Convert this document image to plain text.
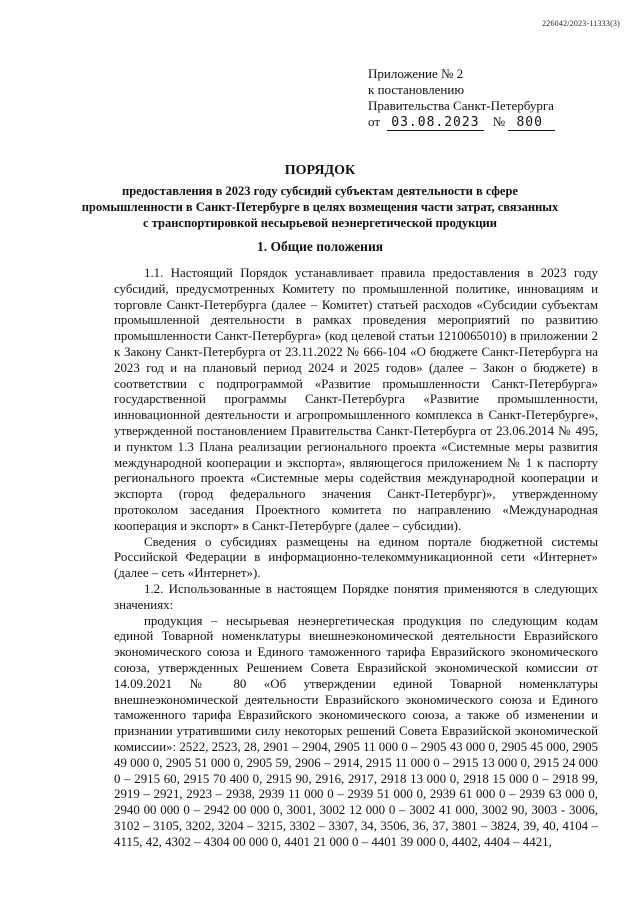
226042/2023-11333(3)
Приложение № 2
к постановлению
Правительства Санкт-Петербурга
от 03.08.2023 № 800
ПОРЯДОК
предоставления в 2023 году субсидий субъектам деятельности в сфере промышленности в Санкт-Петербурге в целях возмещения части затрат, связанных с транспортировкой несырьевой неэнергетической продукции
1. Общие положения

1.1. Настоящий Порядок устанавливает правила предоставления в 2023 году субсидий, предусмотренных Комитету по промышленной политике, инновациям и торговле Санкт-Петербурга (далее – Комитет) статьей расходов «Субсидии субъектам промышленной деятельности в рамках проведения мероприятий по развитию промышленности Санкт-Петербурга» (код целевой статьи 1210065010) в приложении 2 к Закону Санкт-Петербурга от 23.11.2022 № 666-104 «О бюджете Санкт-Петербурга на 2023 год и на плановый период 2024 и 2025 годов» (далее – Закон о бюджете) в соответствии с подпрограммой «Развитие промышленности Санкт-Петербурга» государственной программы Санкт-Петербурга «Развитие промышленности, инновационной деятельности и агропромышленного комплекса в Санкт-Петербурге», утвержденной постановлением Правительства Санкт-Петербурга от 23.06.2014 № 495, и пунктом 1.3 Плана реализации регионального проекта «Системные меры развития международной кооперации и экспорта», являющегося приложением № 1 к паспорту регионального проекта «Системные меры содействия международной кооперации и экспорта (город федерального значения Санкт-Петербург)», утвержденному протоколом заседания Проектного комитета по направлению «Международная кооперация и экспорт» в Санкт-Петербурге (далее – субсидии).

Сведения о субсидиях размещены на едином портале бюджетной системы Российской Федерации в информационно-телекоммуникационной сети «Интернет» (далее – сеть «Интернет»).

1.2. Использованные в настоящем Порядке понятия применяются в следующих значениях:

продукция – несырьевая неэнергетическая продукция по следующим кодам единой Товарной номенклатуры внешнеэкономической деятельности Евразийского экономического союза и Единого таможенного тарифа Евразийского экономического союза, утвержденных Решением Совета Евразийской экономической комиссии от 14.09.2021 № 80 «Об утверждении единой Товарной номенклатуры внешнеэкономической деятельности Евразийского экономического союза и Единого таможенного тарифа Евразийского экономического союза, а также об изменении и признании утратившими силу некоторых решений Совета Евразийской экономической комиссии»: 2522, 2523, 28, 2901 – 2904, 2905 11 000 0 – 2905 43 000 0, 2905 45 000, 2905 49 000 0, 2905 51 000 0, 2905 59, 2906 – 2914, 2915 11 000 0 – 2915 13 000 0, 2915 24 000 0 – 2915 60, 2915 70 400 0, 2915 90, 2916, 2917, 2918 13 000 0, 2918 15 000 0 – 2918 99, 2919 – 2921, 2923 – 2938, 2939 11 000 0 – 2939 51 000 0, 2939 61 000 0 – 2939 63 000 0, 2940 00 000 0 – 2942 00 000 0, 3001, 3002 12 000 0 – 3002 41 000, 3002 90, 3003 - 3006, 3102 – 3105, 3202, 3204 – 3215, 3302 – 3307, 34, 3506, 36, 37, 3801 – 3824, 39, 40, 4104 – 4115, 42, 4302 – 4304 00 000 0, 4401 21 000 0 – 4401 39 000 0, 4402, 4404 – 4421,
